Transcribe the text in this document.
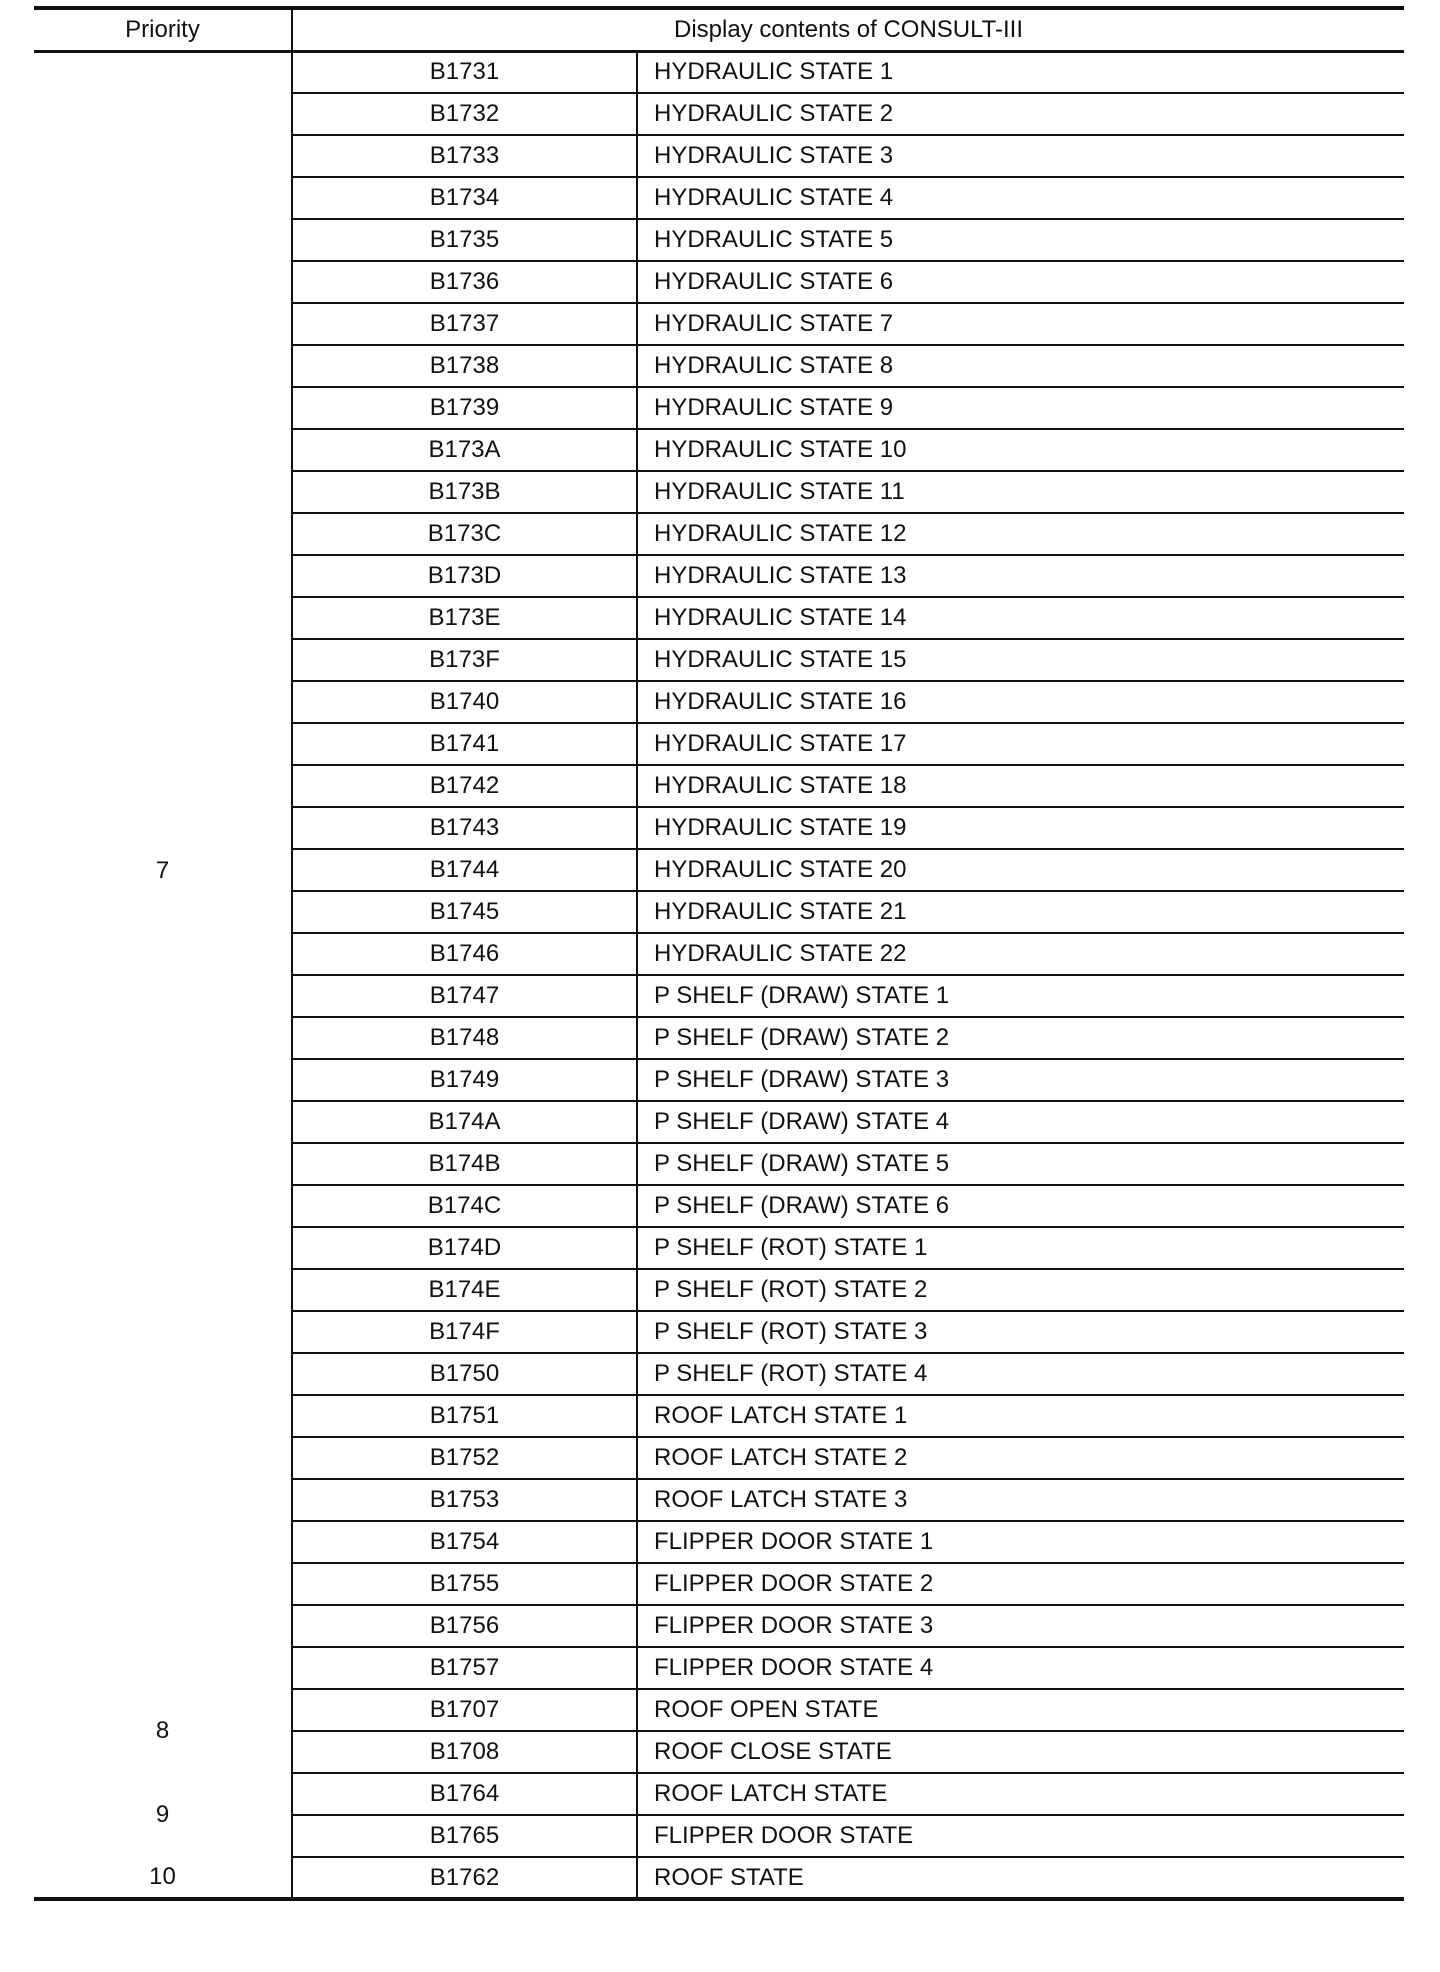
Priority	Display contents of CONSULT-III	
7	B1731	HYDRAULIC STATE 1
	B1732	HYDRAULIC STATE 2
	B1733	HYDRAULIC STATE 3
	B1734	HYDRAULIC STATE 4
	B1735	HYDRAULIC STATE 5
	B1736	HYDRAULIC STATE 6
	B1737	HYDRAULIC STATE 7
	B1738	HYDRAULIC STATE 8
	B1739	HYDRAULIC STATE 9
	B173A	HYDRAULIC STATE 10
	B173B	HYDRAULIC STATE 11
	B173C	HYDRAULIC STATE 12
	B173D	HYDRAULIC STATE 13
	B173E	HYDRAULIC STATE 14
	B173F	HYDRAULIC STATE 15
	B1740	HYDRAULIC STATE 16
	B1741	HYDRAULIC STATE 17
	B1742	HYDRAULIC STATE 18
	B1743	HYDRAULIC STATE 19
	B1744	HYDRAULIC STATE 20
	B1745	HYDRAULIC STATE 21
	B1746	HYDRAULIC STATE 22
	B1747	P SHELF (DRAW) STATE 1
	B1748	P SHELF (DRAW) STATE 2
	B1749	P SHELF (DRAW) STATE 3
	B174A	P SHELF (DRAW) STATE 4
	B174B	P SHELF (DRAW) STATE 5
	B174C	P SHELF (DRAW) STATE 6
	B174D	P SHELF (ROT) STATE 1
	B174E	P SHELF (ROT) STATE 2
	B174F	P SHELF (ROT) STATE 3
	B1750	P SHELF (ROT) STATE 4
	B1751	ROOF LATCH STATE 1
	B1752	ROOF LATCH STATE 2
	B1753	ROOF LATCH STATE 3
	B1754	FLIPPER DOOR STATE 1
	B1755	FLIPPER DOOR STATE 2
	B1756	FLIPPER DOOR STATE 3
	B1757	FLIPPER DOOR STATE 4
8	B1707	ROOF OPEN STATE
	B1708	ROOF CLOSE STATE
9	B1764	ROOF LATCH STATE
	B1765	FLIPPER DOOR STATE
10	B1762	ROOF STATE
